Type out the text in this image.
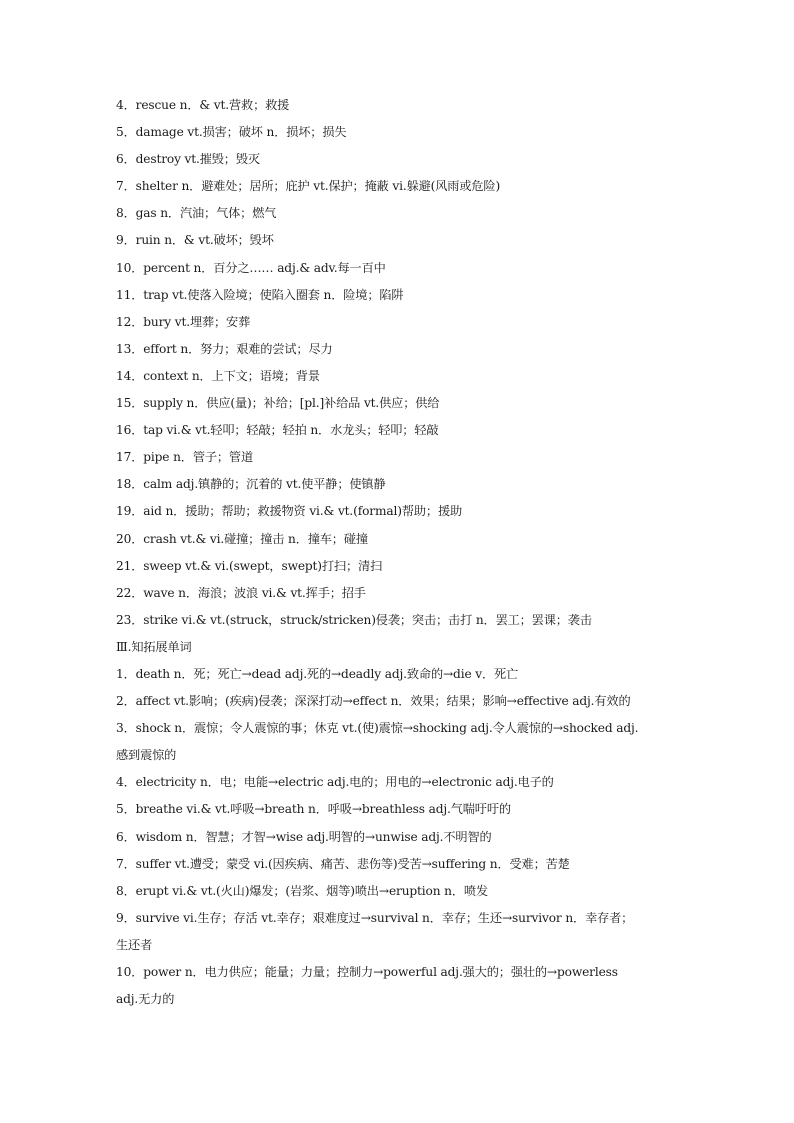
4．rescue n．& vt.营救；救援
5．damage vt.损害；破坏 n．损坏；损失
6．destroy vt.摧毁；毁灭
7．shelter n．避难处；居所；庇护 vt.保护；掩蔽 vi.躲避(风雨或危险)
8．gas n．汽油；气体；燃气
9．ruin n．& vt.破坏；毁坏
10．percent n．百分之…… adj.& adv.每一百中
11．trap vt.使落入险境；使陷入圈套 n．险境；陷阱
12．bury vt.埋葬；安葬
13．effort n．努力；艰难的尝试；尽力
14．context n．上下文；语境；背景
15．supply n．供应(量)；补给；[pl.]补给品 vt.供应；供给
16．tap vi.& vt.轻叩；轻敲；轻拍 n．水龙头；轻叩；轻敲
17．pipe n．管子；管道
18．calm adj.镇静的；沉着的 vt.使平静；使镇静
19．aid n．援助；帮助；救援物资 vi.& vt.(formal)帮助；援助
20．crash vt.& vi.碰撞；撞击 n．撞车；碰撞
21．sweep vt.& vi.(swept，swept)打扫；清扫
22．wave n．海浪；波浪 vi.& vt.挥手；招手
23．strike vi.& vt.(struck，struck/stricken)侵袭；突击；击打 n．罢工；罢课；袭击
Ⅲ.知拓展单词
1．death n．死；死亡→dead adj.死的→deadly adj.致命的→die v．死亡
2．affect vt.影响；(疾病)侵袭；深深打动→effect n．效果；结果；影响→effective adj.有效的
3．shock n．震惊；令人震惊的事；休克 vt.(使)震惊→shocking adj.令人震惊的→shocked adj.
感到震惊的
4．electricity n．电；电能→electric adj.电的；用电的→electronic adj.电子的
5．breathe vi.& vt.呼吸→breath n．呼吸→breathless adj.气喘吁吁的
6．wisdom n．智慧；才智→wise adj.明智的→unwise adj.不明智的
7．suffer vt.遭受；蒙受 vi.(因疾病、痛苦、悲伤等)受苦→suffering n．受难；苦楚
8．erupt vi.& vt.(火山)爆发；(岩浆、烟等)喷出→eruption n．喷发
9．survive vi.生存；存活 vt.幸存；艰难度过→survival n．幸存；生还→survivor n．幸存者；
生还者
10．power n．电力供应；能量；力量；控制力→powerful adj.强大的；强壮的→powerless
adj.无力的
